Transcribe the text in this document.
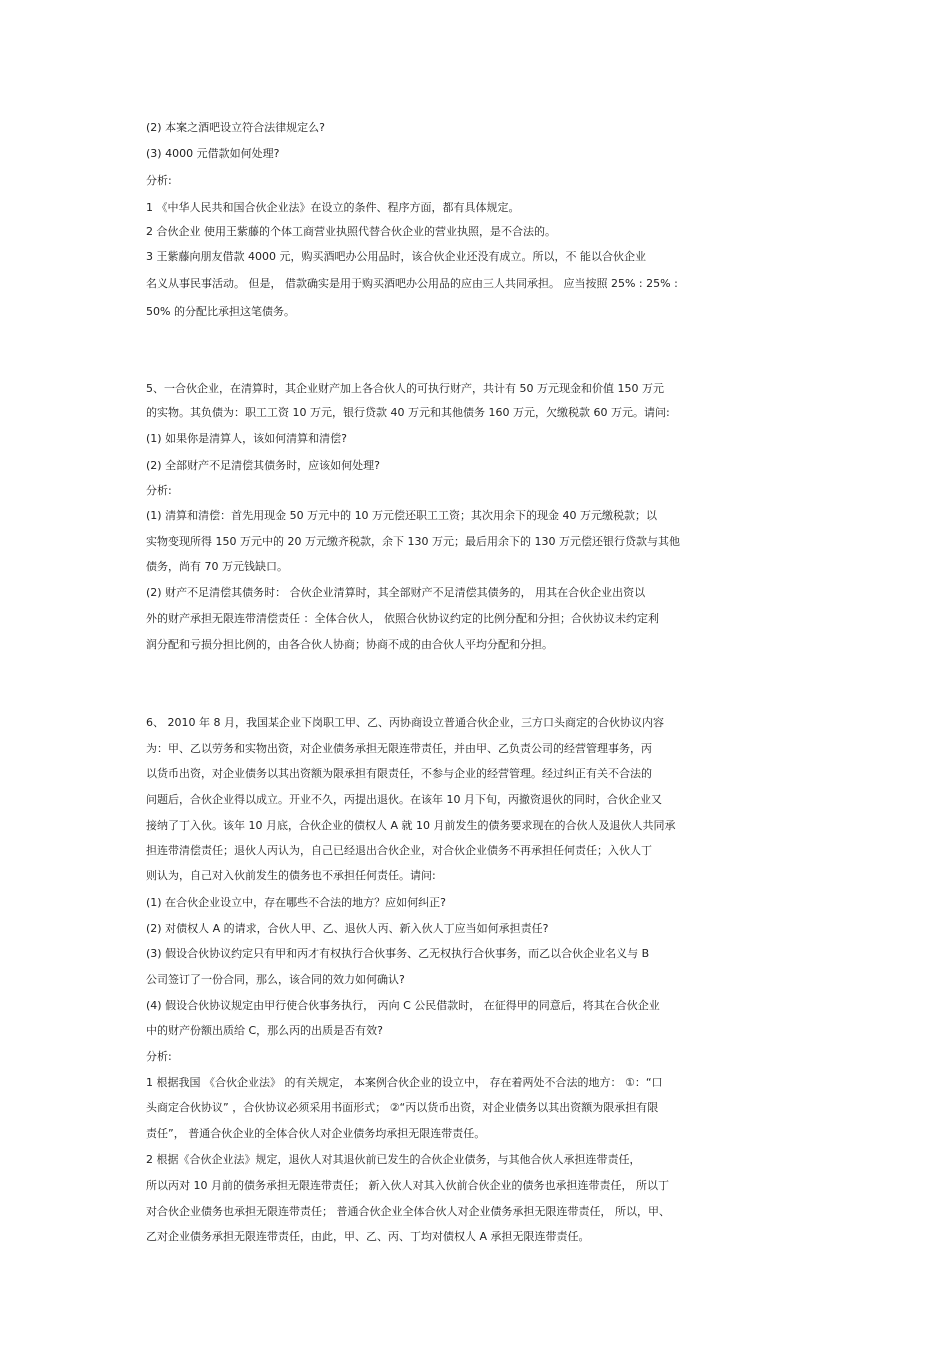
(2) 本案之酒吧设立符合法律规定么?
(3) 4000 元借款如何处理?
分析:
1 《中华人民共和国合伙企业法》在设立的条件、程序方面，都有具体规定。
2 合伙企业 使用王紫藤的个体工商营业执照代替合伙企业的营业执照，是不合法的。
3 王紫藤向朋友借款 4000 元，购买酒吧办公用品时，该合伙企业还没有成立。所以，不 能以合伙企业
名义从事民事活动。 但是， 借款确实是用于购买酒吧办公用品的应由三人共同承担。 应当按照 25% : 25% :
50% 的分配比承担这笔债务。
5、一合伙企业，在清算时，其企业财产加上各合伙人的可执行财产，共计有 50 万元现金和价值 150 万元
的实物。其负债为：职工工资 10 万元，银行贷款 40 万元和其他债务 160 万元，欠缴税款 60 万元。请问:
(1) 如果你是清算人，该如何清算和清偿?
(2) 全部财产不足清偿其债务时，应该如何处理?
分析:
(1) 清算和清偿：首先用现金 50 万元中的 10 万元偿还职工工资；其次用余下的现金 40 万元缴税款；以
实物变现所得 150 万元中的 20 万元缴齐税款，余下 130 万元；最后用余下的 130 万元偿还银行贷款与其他
债务，尚有 70 万元钱缺口。
(2) 财产不足清偿其债务时： 合伙企业清算时，其全部财产不足清偿其债务的， 用其在合伙企业出资以
外的财产承担无限连带清偿责任 ：全体合伙人， 依照合伙协议约定的比例分配和分担；合伙协议未约定利
润分配和亏损分担比例的，由各合伙人协商；协商不成的由合伙人平均分配和分担。
6、 2010 年 8 月，我国某企业下岗职工甲、乙、丙协商设立普通合伙企业，三方口头商定的合伙协议内容
为：甲、乙以劳务和实物出资，对企业债务承担无限连带责任，并由甲、乙负责公司的经营管理事务，丙
以货币出资，对企业债务以其出资额为限承担有限责任，不参与企业的经营管理。经过纠正有关不合法的
问题后，合伙企业得以成立。开业不久，丙提出退伙。在该年 10 月下旬，丙撤资退伙的同时，合伙企业又
接纳了丁入伙。该年 10 月底，合伙企业的债权人 A 就 10 月前发生的债务要求现在的合伙人及退伙人共同承
担连带清偿责任；退伙人丙认为，自己已经退出合伙企业，对合伙企业债务不再承担任何责任；入伙人丁
则认为，自己对入伙前发生的债务也不承担任何责任。请问:
(1) 在合伙企业设立中，存在哪些不合法的地方？应如何纠正?
(2) 对债权人 A 的请求，合伙人甲、乙、退伙人丙、新入伙人丁应当如何承担责任?
(3) 假设合伙协议约定只有甲和丙才有权执行合伙事务、乙无权执行合伙事务，而乙以合伙企业名义与 B
公司签订了一份合同，那么，该合同的效力如何确认?
(4) 假设合伙协议规定由甲行使合伙事务执行， 丙向 C 公民借款时， 在征得甲的同意后，将其在合伙企业
中的财产份额出质给 C，那么丙的出质是否有效?
分析:
1 根据我国 《合伙企业法》 的有关规定， 本案例合伙企业的设立中， 存在着两处不合法的地方： ①：“口
头商定合伙协议” ，合伙协议必须采用书面形式； ②“丙以货币出资，对企业债务以其出资额为限承担有限
责任”， 普通合伙企业的全体合伙人对企业债务均承担无限连带责任。
2 根据《合伙企业法》规定，退伙人对其退伙前已发生的合伙企业债务，与其他合伙人承担连带责任，
所以丙对 10 月前的债务承担无限连带责任； 新入伙人对其入伙前合伙企业的债务也承担连带责任， 所以丁
对合伙企业债务也承担无限连带责任； 普通合伙企业全体合伙人对企业债务承担无限连带责任， 所以，甲、
乙对企业债务承担无限连带责任，由此，甲、乙、丙、丁均对债权人 A 承担无限连带责任。
